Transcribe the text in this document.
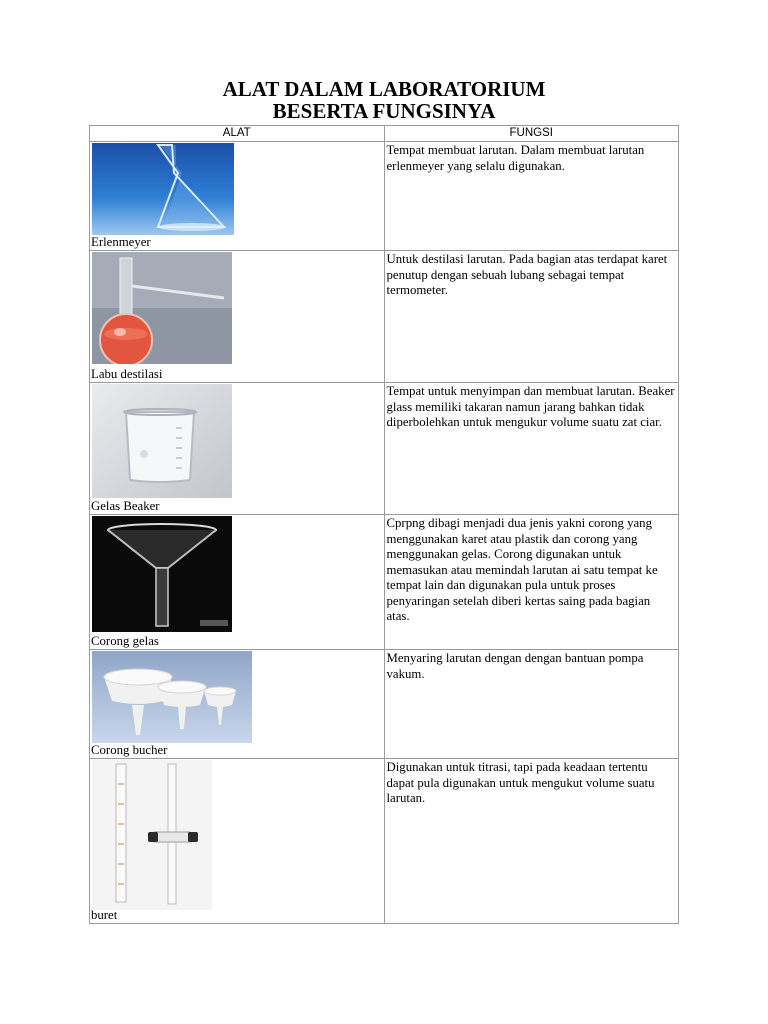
ALAT DALAM LABORATORIUM
BESERTA FUNGSINYA
ALAT	FUNGSI

Erlenmeyer	Tempat membuat larutan. Dalam membuat larutan erlenmeyer yang selalu digunakan.

Labu destilasi	Untuk destilasi larutan. Pada bagian atas terdapat karet penutup dengan sebuah lubang sebagai tempat termometer.

Gelas Beaker	Tempat untuk menyimpan dan membuat larutan. Beaker glass memiliki takaran namun jarang bahkan tidak diperbolehkan untuk mengukur volume suatu zat ciar.

Corong gelas	Cprpng dibagi menjadi dua jenis yakni corong yang menggunakan karet atau plastik dan corong yang menggunakan gelas. Corong digunakan untuk memasukan atau memindah larutan ai satu tempat ke tempat lain dan digunakan pula untuk proses penyaringan setelah diberi kertas saing pada bagian atas.

Corong bucher	Menyaring larutan dengan dengan bantuan pompa vakum.

buret	Digunakan untuk titrasi, tapi pada keadaan tertentu dapat pula digunakan untuk mengukut volume suatu larutan.
